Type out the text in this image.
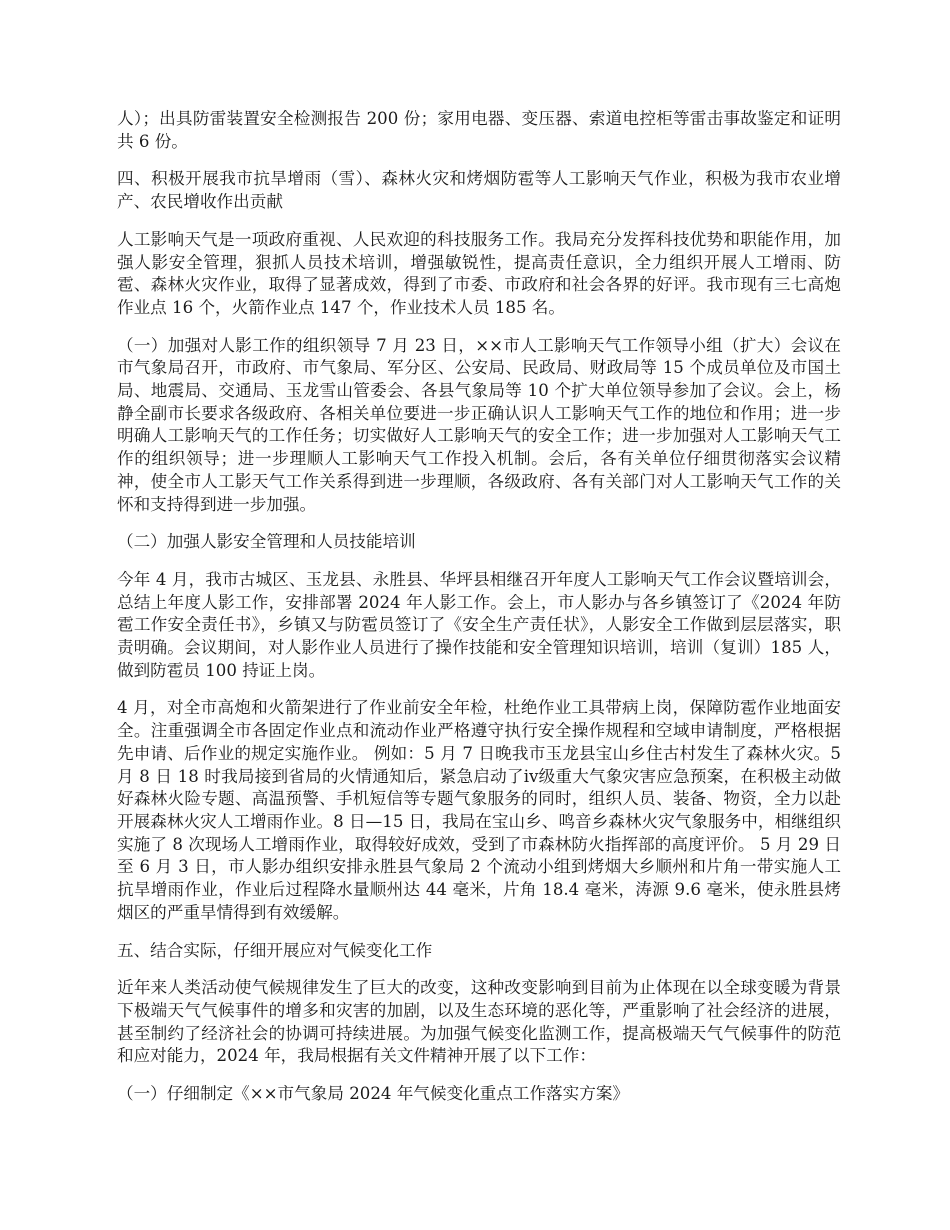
人）；出具防雷装置安全检测报告 200 份；家用电器、变压器、索道电控柜等雷击事故鉴定和证明共 6 份。

四、积极开展我市抗旱增雨（雪）、森林火灾和烤烟防雹等人工影响天气作业，积极为我市农业增产、农民增收作出贡献

人工影响天气是一项政府重视、人民欢迎的科技服务工作。我局充分发挥科技优势和职能作用，加强人影安全管理，狠抓人员技术培训，增强敏锐性，提高责任意识，全力组织开展人工增雨、防雹、森林火灾作业，取得了显著成效，得到了市委、市政府和社会各界的好评。我市现有三七高炮作业点 16 个，火箭作业点 147 个，作业技术人员 185 名。

（一）加强对人影工作的组织领导 7 月 23 日，××市人工影响天气工作领导小组（扩大）会议在市气象局召开，市政府、市气象局、军分区、公安局、民政局、财政局等 15 个成员单位及市国土局、地震局、交通局、玉龙雪山管委会、各县气象局等 10 个扩大单位领导参加了会议。会上，杨静全副市长要求各级政府、各相关单位要进一步正确认识人工影响天气工作的地位和作用；进一步明确人工影响天气的工作任务；切实做好人工影响天气的安全工作；进一步加强对人工影响天气工作的组织领导；进一步理顺人工影响天气工作投入机制。会后，各有关单位仔细贯彻落实会议精神，使全市人工影天气工作关系得到进一步理顺，各级政府、各有关部门对人工影响天气工作的关怀和支持得到进一步加强。

（二）加强人影安全管理和人员技能培训

今年 4 月，我市古城区、玉龙县、永胜县、华坪县相继召开年度人工影响天气工作会议暨培训会，总结上年度人影工作，安排部署 2024 年人影工作。会上，市人影办与各乡镇签订了《2024 年防雹工作安全责任书》，乡镇又与防雹员签订了《安全生产责任状》，人影安全工作做到层层落实，职责明确。会议期间，对人影作业人员进行了操作技能和安全管理知识培训，培训（复训）185 人，做到防雹员 100 持证上岗。

4 月，对全市高炮和火箭架进行了作业前安全年检，杜绝作业工具带病上岗，保障防雹作业地面安全。注重强调全市各固定作业点和流动作业严格遵守执行安全操作规程和空域申请制度，严格根据先申请、后作业的规定实施作业。 例如：5 月 7 日晚我市玉龙县宝山乡住古村发生了森林火灾。5 月 8 日 18 时我局接到省局的火情通知后，紧急启动了ⅳ级重大气象灾害应急预案，在积极主动做好森林火险专题、高温预警、手机短信等专题气象服务的同时，组织人员、装备、物资，全力以赴开展森林火灾人工增雨作业。8 日—15 日，我局在宝山乡、鸣音乡森林火灾气象服务中，相继组织实施了 8 次现场人工增雨作业，取得较好成效，受到了市森林防火指挥部的高度评价。 5 月 29 日至 6 月 3 日，市人影办组织安排永胜县气象局 2 个流动小组到烤烟大乡顺州和片角一带实施人工抗旱增雨作业，作业后过程降水量顺州达 44 毫米，片角 18.4 毫米，涛源 9.6 毫米，使永胜县烤烟区的严重旱情得到有效缓解。

五、结合实际，仔细开展应对气候变化工作

近年来人类活动使气候规律发生了巨大的改变，这种改变影响到目前为止体现在以全球变暖为背景下极端天气气候事件的增多和灾害的加剧，以及生态环境的恶化等，严重影响了社会经济的进展，甚至制约了经济社会的协调可持续进展。为加强气候变化监测工作，提高极端天气气候事件的防范和应对能力，2024 年，我局根据有关文件精神开展了以下工作：

（一）仔细制定《××市气象局 2024 年气候变化重点工作落实方案》
